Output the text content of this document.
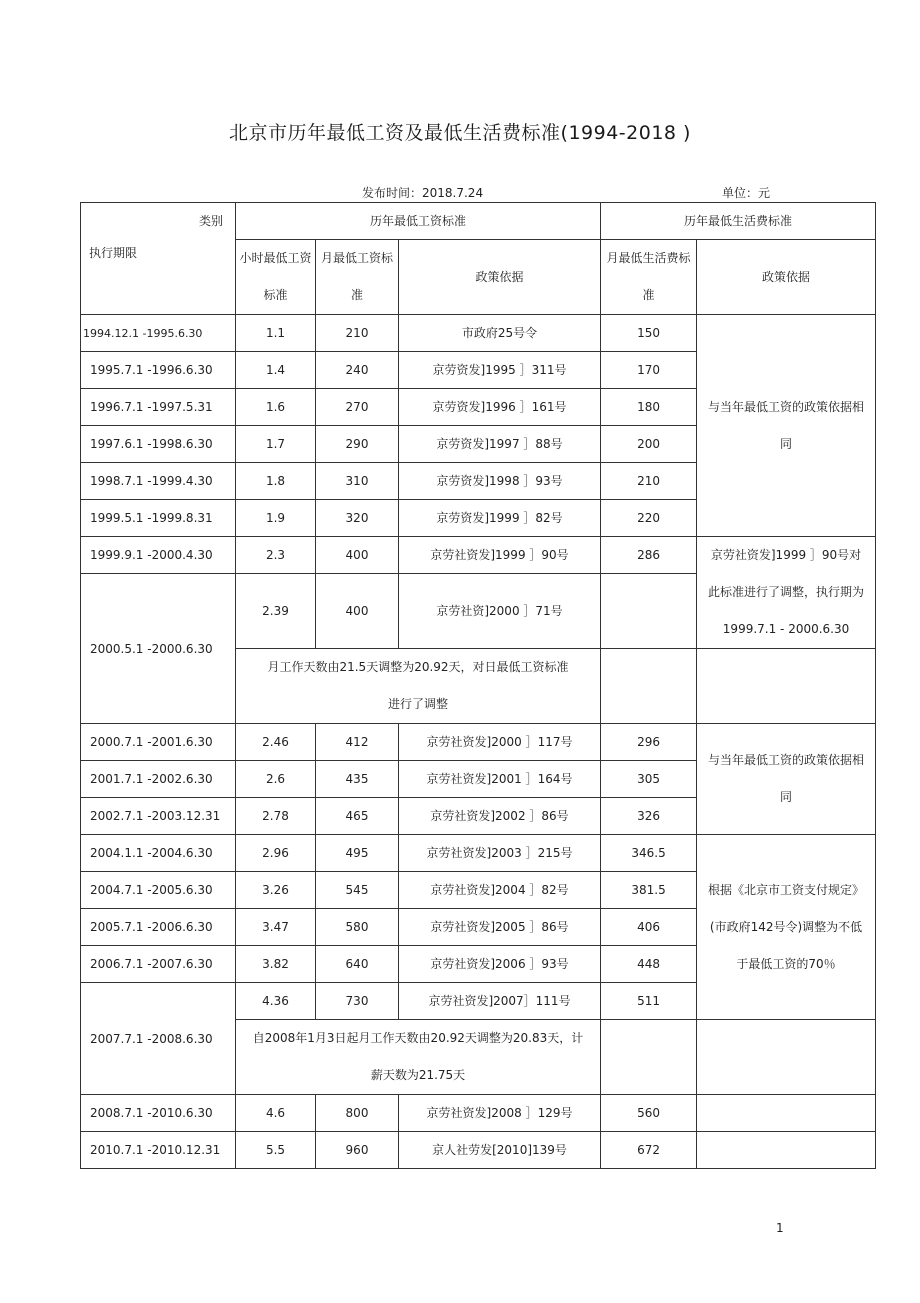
北京市历年最低工资及最低生活费标准(1994-2018 )
发布时间：2018.7.24	单位：元
类别
执行期限	历年最低工资标准			历年最低生活费标准	
	小时最低工资标准	月最低工资标准	政策依据	月最低生活费标准	政策依据

1994.12.1 -1995.6.30	1.1	210	市政府25号令	150	与当年最低工资的政策依据相同
1995.7.1 -1996.6.30	1.4	240	京劳资发]1995 ］311号	170	
1996.7.1 -1997.5.31	1.6	270	京劳资发]1996 ］161号	180	
1997.6.1 -1998.6.30	1.7	290	京劳资发]1997 ］88号	200	
1998.7.1 -1999.4.30	1.8	310	京劳资发]1998 ］93号	210	
1999.5.1 -1999.8.31	1.9	320	京劳资发]1999 ］82号	220	
1999.9.1 -2000.4.30	2.3	400	京劳社资发]1999 ］90号	286	京劳社资发]1999 ］90号对此标准进行了调整，执行期为 1999.7.1 - 2000.6.30
2000.5.1 -2000.6.30	2.39	400	京劳社资]2000 ］71号		
	月工作天数由21.5天调整为20.92天，对日最低工资标准进行了调整				
2000.7.1 -2001.6.30	2.46	412	京劳社资发]2000 ］117号	296	与当年最低工资的政策依据相同
2001.7.1 -2002.6.30	2.6	435	京劳社资发]2001 ］164号	305	
2002.7.1 -2003.12.31	2.78	465	京劳社资发]2002 ］86号	326	
2004.1.1 -2004.6.30	2.96	495	京劳社资发]2003 ］215号	346.5	根据《北京市工资支付规定》(市政府142号令)调整为不低于最低工资的70％
2004.7.1 -2005.6.30	3.26	545	京劳社资发]2004 ］82号	381.5	
2005.7.1 -2006.6.30	3.47	580	京劳社资发]2005 ］86号	406	
2006.7.1 -2007.6.30	3.82	640	京劳社资发]2006 ］93号	448	
2007.7.1 -2008.6.30	4.36	730	京劳社资发]2007］111号	511	
	自2008年1月3日起月工作天数由20.92天调整为20.83天，计薪天数为21.75天				
2008.7.1 -2010.6.30	4.6	800	京劳社资发]2008 ］129号	560	
2010.7.1 -2010.12.31	5.5	960	京人社劳发[2010]139号	672	
1
